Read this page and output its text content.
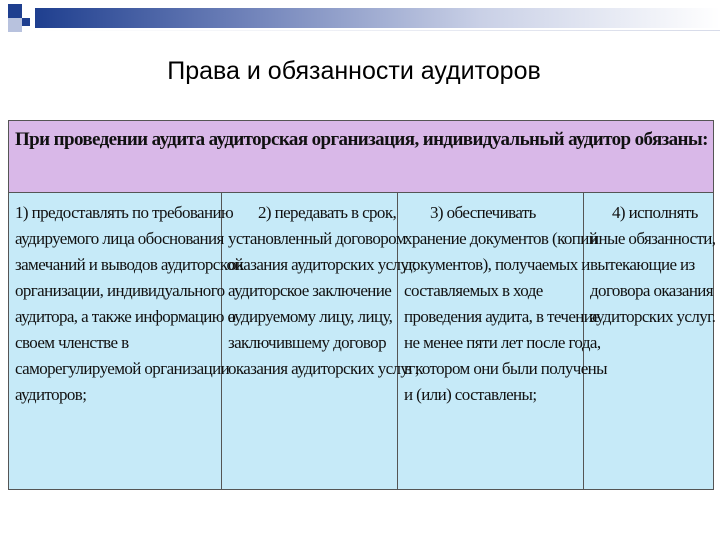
Права и обязанности аудиторов
При проведении аудита аудиторская организация, индивидуальный аудитор обязаны:
1) предоставлять по требованию
аудируемого лица обоснования
замечаний и выводов аудиторской
организации, индивидуального
аудитора, а также информацию о
своем членстве в
саморегулируемой организации
аудиторов;
2) передавать в срок,
установленный договором
оказания аудиторских услуг,
аудиторское заключение
аудируемому лицу, лицу,
заключившему договор
оказания аудиторских услуг;
3) обеспечивать
хранение документов (копий
документов), получаемых и
составляемых в ходе
проведения аудита, в течение
не менее пяти лет после года,
в котором они были получены
и (или) составлены;
4) исполнять
иные обязанности,
вытекающие из
договора оказания
аудиторских услуг.
